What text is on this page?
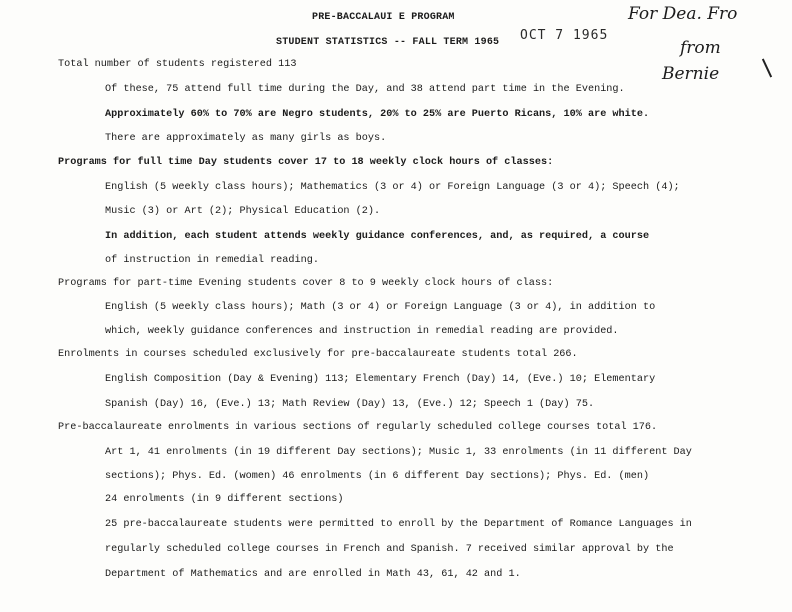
PRE-BACCALAUI E PROGRAM
STUDENT STATISTICS -- FALL TERM 1965 OCT 7 1965
For Dea. Fro
from
Bernie
Total number of students registered 113
Of these, 75 attend full time during the Day, and 38 attend part time in the Evening.
Approximately 60% to 70% are Negro students, 20% to 25% are Puerto Ricans, 10% are white.
There are approximately as many girls as boys.
Programs for full time Day students cover 17 to 18 weekly clock hours of classes:
English (5 weekly class hours); Mathematics (3 or 4) or Foreign Language (3 or 4); Speech (4);
Music (3) or Art (2); Physical Education (2).
In addition, each student attends weekly guidance conferences, and, as required, a course
of instruction in remedial reading.
Programs for part-time Evening students cover 8 to 9 weekly clock hours of class:
English (5 weekly class hours); Math (3 or 4) or Foreign Language (3 or 4), in addition to
which, weekly guidance conferences and instruction in remedial reading are provided.
Enrolments in courses scheduled exclusively for pre-baccalaureate students total 266.
English Composition (Day & Evening) 113; Elementary French (Day) 14, (Eve.) 10; Elementary
Spanish (Day) 16, (Eve.) 13; Math Review (Day) 13, (Eve.) 12; Speech 1 (Day) 75.
Pre-baccalaureate enrolments in various sections of regularly scheduled college courses total 176.
Art 1, 41 enrolments (in 19 different Day sections); Music 1, 33 enrolments (in 11 different Day
sections); Phys. Ed. (women) 46 enrolments (in 6 different Day sections); Phys. Ed. (men)
24 enrolments (in 9 different sections)
25 pre-baccalaureate students were permitted to enroll by the Department of Romance Languages in
regularly scheduled college courses in French and Spanish. 7 received similar approval by the
Department of Mathematics and are enrolled in Math 43, 61, 42 and 1.
